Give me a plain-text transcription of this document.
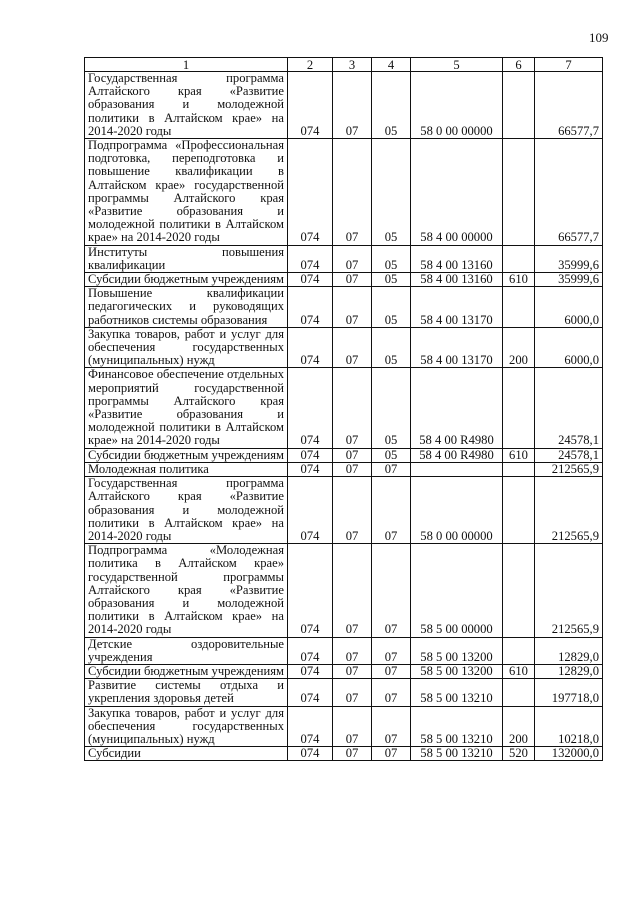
109
1	2	3	4	5	6	7
Государственная программа Алтайского края «Развитие образования и молодежной политики в Алтайском крае» на 2014-2020 годы	074	07	05	58 0 00 00000		66577,7
Подпрограмма «Профессиональная подготовка, переподготовка и повышение квалификации в Алтайском крае» государственной программы Алтайского края «Развитие образования и молодежной политики в Алтайском крае» на 2014-2020 годы	074	07	05	58 4 00 00000		66577,7
Институты повышения квалификации	074	07	05	58 4 00 13160		35999,6
Субсидии бюджетным учреждениям	074	07	05	58 4 00 13160	610	35999,6
Повышение квалификации педагогических и руководящих работников системы образования	074	07	05	58 4 00 13170		6000,0
Закупка товаров, работ и услуг для обеспечения государственных (муниципальных) нужд	074	07	05	58 4 00 13170	200	6000,0
Финансовое обеспечение отдельных мероприятий государственной программы Алтайского края «Развитие образования и молодежной политики в Алтайском крае» на 2014-2020 годы	074	07	05	58 4 00 R4980		24578,1
Субсидии бюджетным учреждениям	074	07	05	58 4 00 R4980	610	24578,1
Молодежная политика	074	07	07			212565,9
Государственная программа Алтайского края «Развитие образования и молодежной политики в Алтайском крае» на 2014-2020 годы	074	07	07	58 0 00 00000		212565,9
Подпрограмма «Молодежная политика в Алтайском крае» государственной программы Алтайского края «Развитие образования и молодежной политики в Алтайском крае» на 2014-2020 годы	074	07	07	58 5 00 00000		212565,9
Детские оздоровительные учреждения	074	07	07	58 5 00 13200		12829,0
Субсидии бюджетным учреждениям	074	07	07	58 5 00 13200	610	12829,0
Развитие системы отдыха и укрепления здоровья детей	074	07	07	58 5 00 13210		197718,0
Закупка товаров, работ и услуг для обеспечения государственных (муниципальных) нужд	074	07	07	58 5 00 13210	200	10218,0
Субсидии	074	07	07	58 5 00 13210	520	132000,0
